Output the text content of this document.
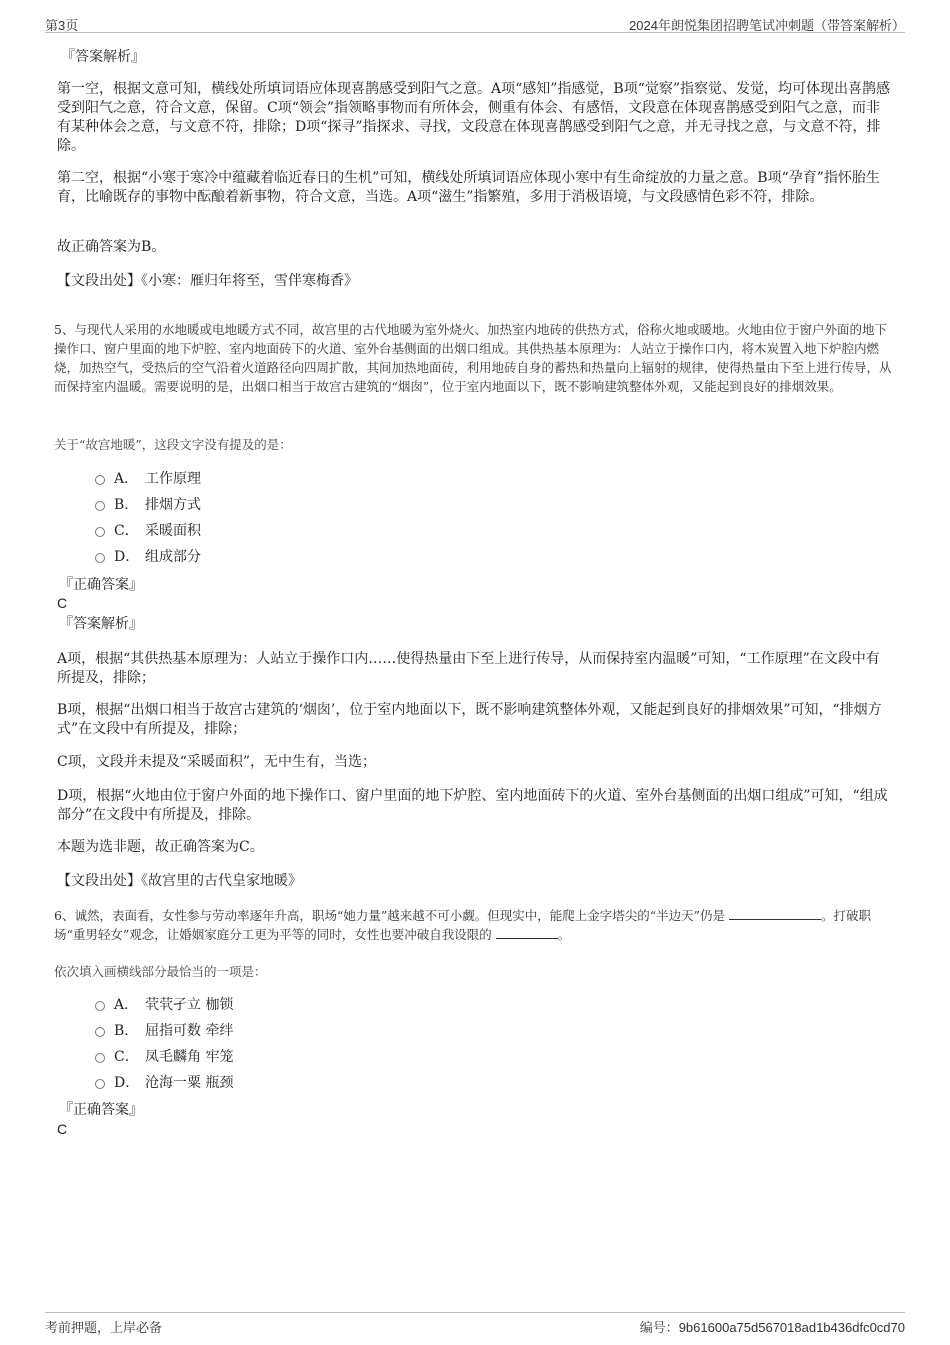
第3页	2024年朗悦集团招聘笔试冲刺题（带答案解析）

『答案解析』

第一空，根据文意可知，横线处所填词语应体现喜鹊感受到阳气之意。A项“感知”指感觉，B项“觉察”指察觉、发觉，均可体现出喜鹊感受到阳气之意，符合文意，保留。C项“领会”指领略事物而有所体会，侧重有体会、有感悟，文段意在体现喜鹊感受到阳气之意，而非有某种体会之意，与文意不符，排除；D项“探寻”指探求、寻找，文段意在体现喜鹊感受到阳气之意，并无寻找之意，与文意不符，排除。

第二空，根据“小寒于寒冷中蕴藏着临近春日的生机”可知，横线处所填词语应体现小寒中有生命绽放的力量之意。B项“孕育”指怀胎生育，比喻既存的事物中酝酿着新事物，符合文意，当选。A项“滋生”指繁殖，多用于消极语境，与文段感情色彩不符，排除。

故正确答案为B。

【文段出处】《小寒：雁归年将至，雪伴寒梅香》

5、与现代人采用的水地暖或电地暖方式不同，故宫里的古代地暖为室外烧火、加热室内地砖的供热方式，俗称火地或暖地。火地由位于窗户外面的地下操作口、窗户里面的地下炉腔、室内地面砖下的火道、室外台基侧面的出烟口组成。其供热基本原理为：人站立于操作口内，将木炭置入地下炉腔内燃烧，加热空气，受热后的空气沿着火道路径向四周扩散，其间加热地面砖，利用地砖自身的蓄热和热量向上辐射的规律，使得热量由下至上进行传导，从而保持室内温暖。需要说明的是，出烟口相当于故宫古建筑的“烟囱”，位于室内地面以下，既不影响建筑整体外观，又能起到良好的排烟效果。

关于“故宫地暖”，这段文字没有提及的是：

A． 工作原理
B． 排烟方式
C． 采暖面积
D． 组成部分

『正确答案』

C

『答案解析』

A项，根据“其供热基本原理为：人站立于操作口内……使得热量由下至上进行传导，从而保持室内温暖”可知，“工作原理”在文段中有所提及，排除；

B项，根据“出烟口相当于故宫古建筑的‘烟囱’，位于室内地面以下，既不影响建筑整体外观，又能起到良好的排烟效果”可知，“排烟方式”在文段中有所提及，排除；

C项，文段并未提及“采暖面积”，无中生有，当选；

D项，根据“火地由位于窗户外面的地下操作口、窗户里面的地下炉腔、室内地面砖下的火道、室外台基侧面的出烟口组成”可知，“组成部分”在文段中有所提及，排除。

本题为选非题，故正确答案为C。

【文段出处】《故宫里的古代皇家地暖》

6、诚然，表面看，女性参与劳动率逐年升高，职场“她力量”越来越不可小觑。但现实中，能爬上金字塔尖的“半边天”仍是	。打破职场“重男轻女”观念，让婚姻家庭分工更为平等的同时，女性也要冲破自我设限的	。

依次填入画横线部分最恰当的一项是：

A． 茕茕孑立 枷锁
B． 屈指可数 牵绊
C． 凤毛麟角 牢笼
D． 沧海一粟 瓶颈

『正确答案』

C

考前押题，上岸必备	编号：9b61600a75d567018ad1b436dfc0cd70
